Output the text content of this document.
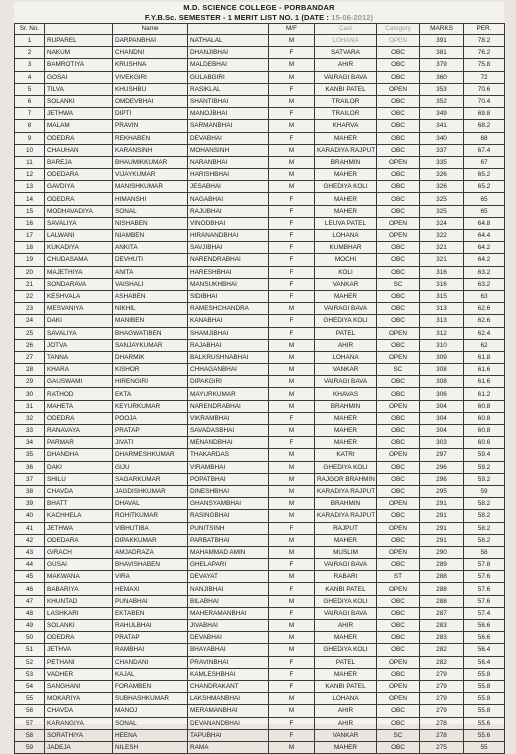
M.D. SCIENCE COLLEGE - PORBANDAR
F.Y.B.Sc. SEMESTER - 1 MERIT LIST NO. 1 (DATE : 15-06-2012)
Sr. No.		Name		M/F	Cast	Category	MARKS	PER.
1	RUPAREL	DARPANBHAI	NATHALAL	M	LOHANA	OPEN	391	78.2
2	NAKUM	CHANDNI	DHANJIBHAI	F	SATVARA	OBC	381	76.2
3	BAMROTIYA	KRUSHNA	MALDEBHAI	M	AHIR	OBC	379	75.8
4	GOSAI	VIVEKGIRI	GULABGIRI	M	VAIRAGI BAVA	OBC	360	72
5	TILVA	KHUSHBU	RASIKLAL	F	KANBI PATEL	OPEN	353	70.6
6	SOLANKI	OMDEVBHAI	SHANTIBHAI	M	TRAILOR	OBC	352	70.4
7	JETHWA	DIPTI	MANOJBHAI	F	TRAILOR	OBC	349	69.8
8	MALAM	PRAVIN	SARMANBHAI	M	KHARVA	OBC	341	68.2
9	ODEDRA	REKHABEN	DEVABHAI	F	MAHER	OBC	340	68
10	CHAUHAN	KARANSINH	MOHANSINH	M	KARADIYA RAJPUT	OBC	337	67.4
11	BAREJA	BHAUMIKKUMAR	NARANBHAI	M	BRAHMIN	OPEN	335	67
12	ODEDARA	VIJAYKUMAR	HARISHBHAI	M	MAHER	OBC	326	65.2
13	GAVDIYA	MANISHKUMAR	JESABHAI	M	GHEDIYA KOLI	OBC	326	65.2
14	ODEDRA	HIMANSHI	NAGABHAI	F	MAHER	OBC	325	65
15	MODHAVADIYA	SONAL	RAJUBHAI	F	MAHER	OBC	325	65
16	SAVALIYA	NISHABEN	VINODBHAI	F	LEUVA PATEL	OPEN	324	64.8
17	LALWANI	NIAMBEN	HIRANANDBHAI	F	LOHANA	OPEN	322	64.4
18	KUKADIYA	ANKITA	SAVJIBHAI	F	KUMBHAR	OBC	321	64.2
19	CHUDASAMA	DEVHUTI	NARENDRABHAI	F	MOCHI	OBC	321	64.2
20	MAJETHIYA	ANITA	HARESHBHAI	F	KOLI	OBC	316	63.2
21	SONDARAVA	VAISHALI	MANSUKHBHAI	F	VANKAR	SC	316	63.2
22	KESHVALA	ASHABEN	SIDIBHAI	F	MAHER	OBC	315	63
23	MESVANIYA	NIKHIL	RAMESHCHANDRA	M	VAIRAGI BAVA	OBC	313	62.6
24	DAKI	MANIBEN	KANABHAI	F	GHEDIYA KOLI	OBC	313	62.6
25	SAVALIYA	BHAGWATIBEN	SHAMJIBHAI	F	PATEL	OPEN	312	62.4
26	JOTVA	SANJAYKUMAR	RAJABHAI	M	AHIR	OBC	310	62
27	TANNA	DHARMIK	BALKRUSHNABHAI	M	LOHANA	OPEN	309	61.8
28	KHARA	KISHOR	CHHAGANBHAI	M	VANKAR	SC	308	61.6
29	GAUSWAMI	HIRENGIRI	DIPAKGIRI	M	VAIRAGI BAVA	OBC	308	61.6
30	RATHOD	EKTA	MAYURKUMAR	M	KHAVAS	OBC	306	61.2
31	MAHETA	KEYURKUMAR	NARENDRABHAI	M	BRAHMIN	OPEN	304	60.8
32	ODEDRA	POOJA	VIKRAMBHAI	F	MAHER	OBC	304	60.8
33	RANAVAYA	PRATAP	SAVADASBHAI	M	MAHER	OBC	304	60.8
34	PARMAR	JIVATI	MENANDBHAI	F	MAHER	OBC	303	60.6
35	DHANDHA	DHARMESHKUMAR	THAKARDAS	M	KATRI	OPEN	297	59.4
36	DAKI	GIJU	VIRAMBHAI	M	GHEDIYA KOLI	OBC	296	59.2
37	SHILU	SAGARKUMAR	POPATBHAI	M	RAJGOR BRAHMIN	OBC	296	59.2
38	CHAVDA	JAGDISHKUMAR	DINESHBHAI	M	KARADIYA RAJPUT	OBC	295	59
39	BHATT	DHAVAL	GHANSYAMBHAI	M	BRAHMIN	OPEN	291	58.2
40	KACHHELA	ROHITKUMAR	RASINGBHAI	M	KARADIYA RAJPUT	OBC	291	58.2
41	JETHWA	VIBHUTIBA	PUNITSINH	F	RAJPUT	OPEN	291	58.2
42	ODEDARA	DIPAKKUMAR	PARBATBHAI	M	MAHER	OBC	291	58.2
43	GIRACH	AMJADRAZA	MAHAMMAD AMIN	M	MUSLIM	OPEN	290	58
44	GUSAI	BHAVISHABEN	GHELAPARI	F	VAIRAGI BAVA	OBC	289	57.8
45	MAKWANA	VIRA	DEVAYAT	M	RABARI	ST	288	57.6
46	BABARIYA	HEMAXI	NANJIBHAI	F	KANBI PATEL	OPEN	288	57.6
47	KHUNTAD	PUNABHAI	BILABHAI	M	GHEDIYA KOLI	OBC	288	57.6
48	LASHKARI	EKTABEN	MAHERAMANBHAI	F	VAIRAGI BAVA	OBC	287	57.4
49	SOLANKI	RAHULBHAI	JIVABHAI	M	AHIR	OBC	283	56.6
50	ODEDRA	PRATAP	DEVABHAI	M	MAHER	OBC	283	56.6
51	JETHVA	RAMBHAI	BHAYABHAI	M	GHEDIYA KOLI	OBC	282	56.4
52	PETHANI	CHANDANI	PRAVINBHAI	F	PATEL	OPEN	282	56.4
53	VADHER	KAJAL	KAMLESHBHAI	F	MAHER	OBC	279	55.8
54	SANGHANI	FORAMBEN	CHANDRAKANT	F	KANBI PATEL	OPEN	279	55.8
55	MOKARIYA	SUBHASHKUMAR	LAKSHMANBHAI	M	LOHANA	OPEN	279	55.8
56	CHAVDA	MANOJ	MERAMANBHAI	M	AHIR	OBC	279	55.8
57	KARANGIYA	SONAL	DEVANANDBHAI	F	AHIR	OBC	278	55.6
58	SORATHIYA	HEENA	TAPUBHAI	F	VANKAR	SC	278	55.6
59	JADEJA	NILESH	RAMA	M	MAHER	OBC	275	55
